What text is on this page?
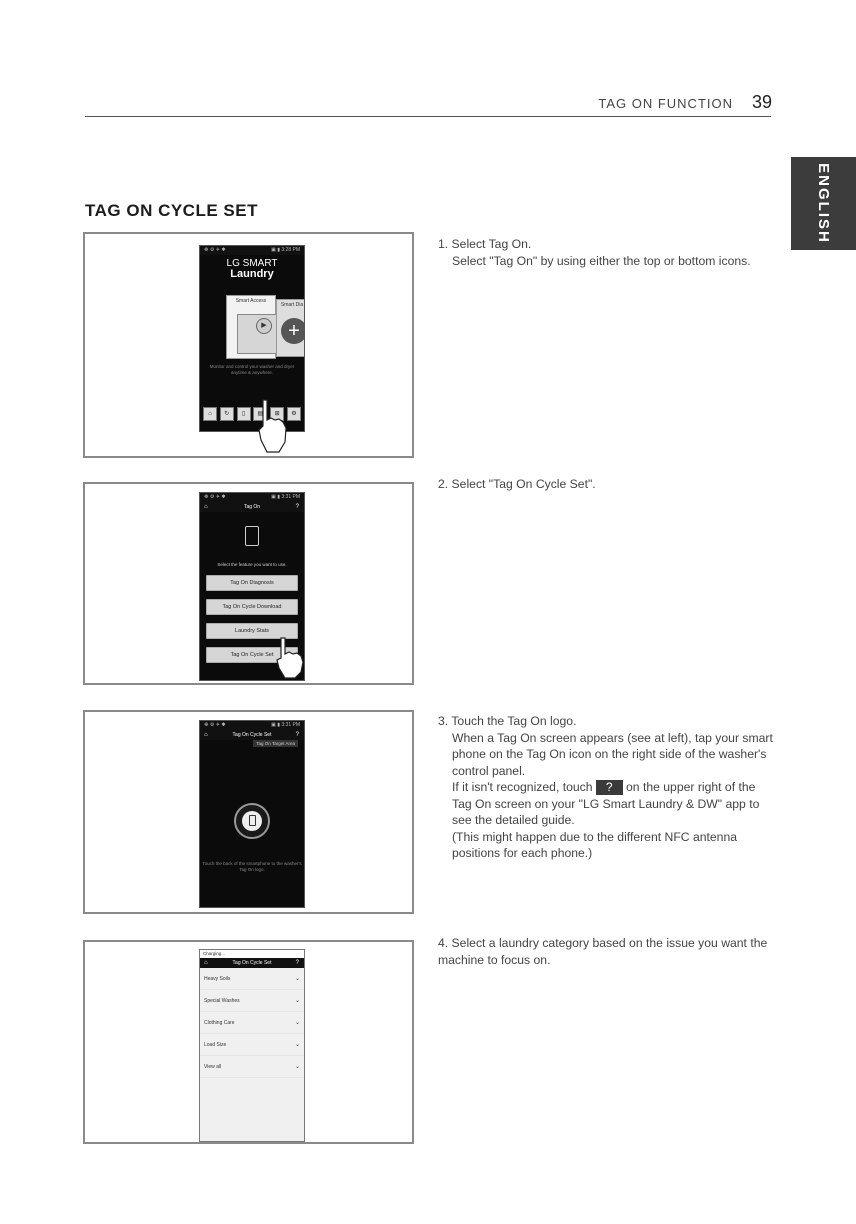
TAG ON FUNCTION 39
ENGLISH
TAG ON CYCLE SET
☸ ⚙ ✈ ✱	▣ ▮ 3:28 PM
LG SMART
Laundry
Smart Access
▶
Smart Dia
+
Monitor and control your washer and dryer anytime & anywhere.
⌂	↻	▯	▤	⊞	⚙

1. Select Tag On.

Select "Tag On" by using either the top or bottom icons.

☸ ⚙ ✈ ✱	▣ ▮ 3:31 PM
⌂	Tag On	?
Select the feature you want to use.
Tag On Diagnosis
Tag On Cycle Download
Laundry Stats
Tag On Cycle Set

2. Select "Tag On Cycle Set".

☸ ⚙ ✈ ✱	▣ ▮ 3:31 PM
⌂	Tag On Cycle Set	?
Tag On Target Area
Touch the back of the smartphone to the washer's Tag On logo.

3. Touch the Tag On logo.

When a Tag On screen appears (see at left), tap your smart phone on the Tag On icon on the right side of the washer's control panel.

If it isn't recognized, touch ? on the upper right of the Tag On screen on your "LG Smart Laundry & DW" app to see the detailed guide.

(This might happen due to the different NFC antenna positions for each phone.)

Charging...
⌂	Tag On Cycle Set	?
Heavy Soils	⌄
Special Washes	⌄
Clothing Care	⌄
Load Size	⌄
View all	⌄

4. Select a laundry category based on the issue you want the machine to focus on.
